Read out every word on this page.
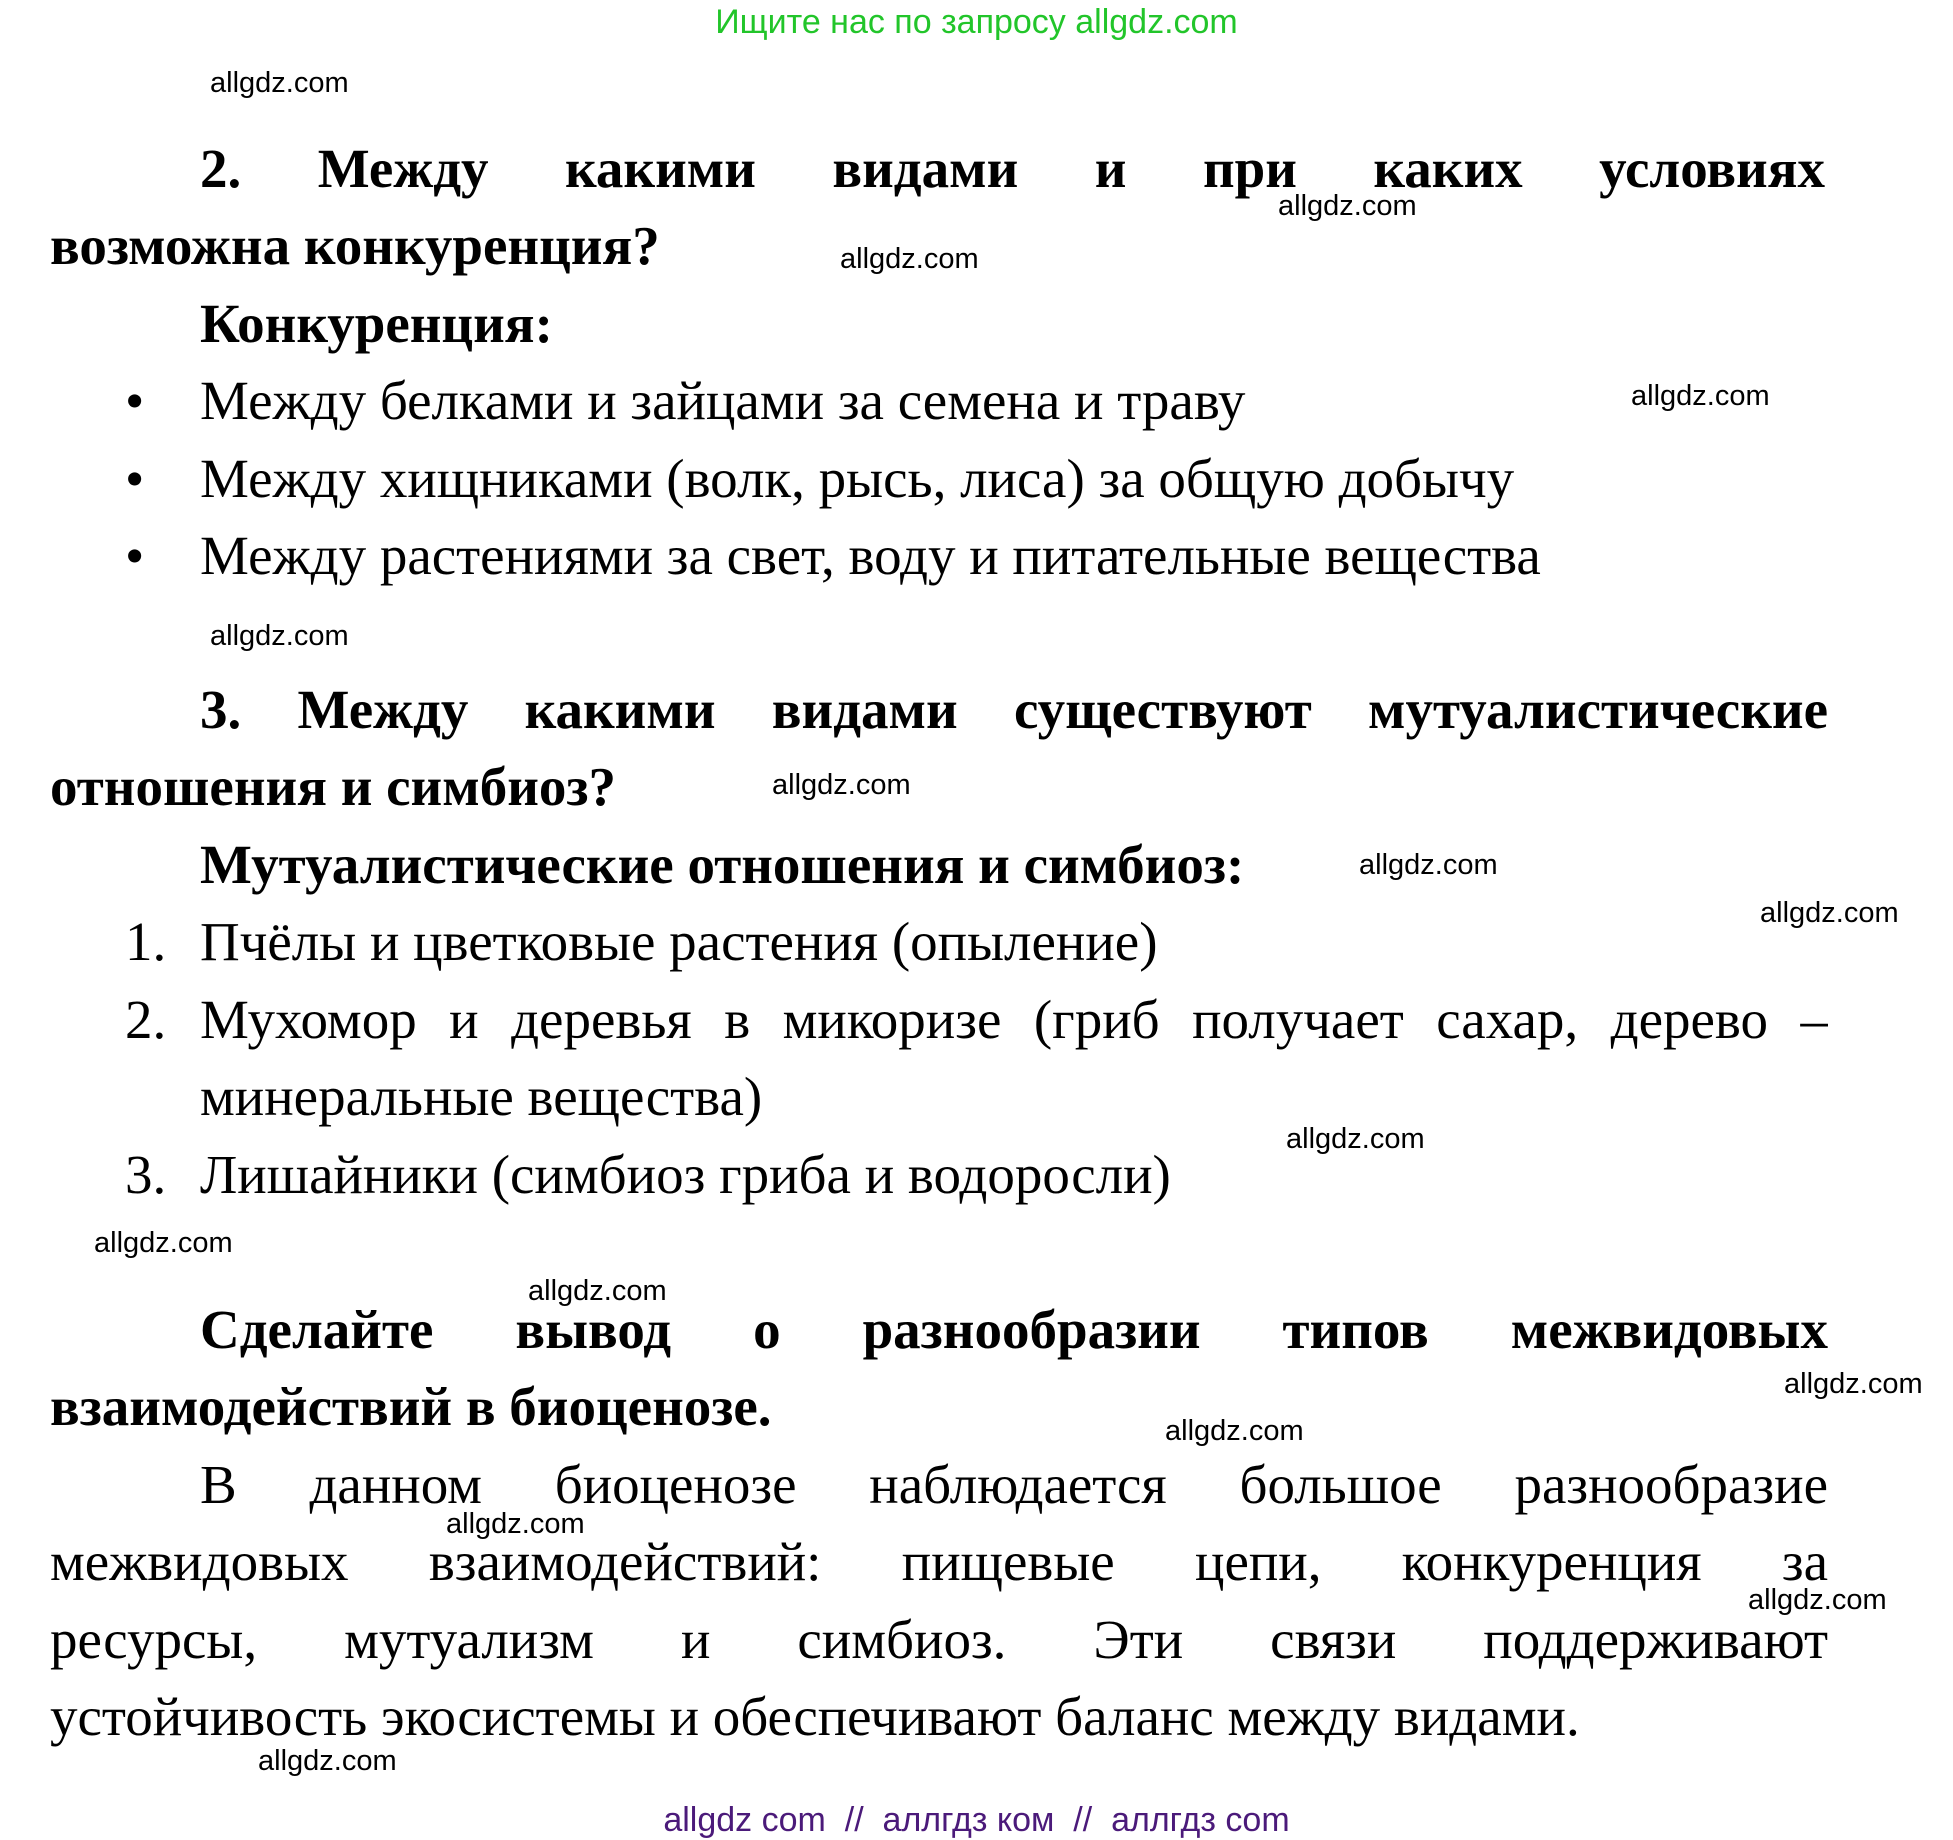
Ищите нас по запросу allgdz.com
2. Между какими видами и при каких условиях
возможна конкуренция?
Конкуренция:
• Между белками и зайцами за семена и траву
• Между хищниками (волк, рысь, лиса) за общую добычу
• Между растениями за свет, воду и питательные вещества
3. Между какими видами существуют мутуалистические
отношения и симбиоз?
Мутуалистические отношения и симбиоз:
1. Пчёлы и цветковые растения (опыление)
2. Мухомор и деревья в микоризе (гриб получает сахар, дерево –
минеральные вещества)
3. Лишайники (симбиоз гриба и водоросли)
Сделайте вывод о разнообразии типов межвидовых
взаимодействий в биоценозе.
В данном биоценозе наблюдается большое разнообразие
межвидовых взаимодействий: пищевые цепи, конкуренция за
ресурсы, мутуализм и симбиоз. Эти связи поддерживают
устойчивость экосистемы и обеспечивают баланс между видами.
allgdz.com
allgdz.com
allgdz.com
allgdz.com
allgdz.com
allgdz.com
allgdz.com
allgdz.com
allgdz.com
allgdz.com
allgdz.com
allgdz.com
allgdz.com
allgdz.com
allgdz.com
allgdz.com
allgdz com  //  аллгдз ком  //  аллгдз com
